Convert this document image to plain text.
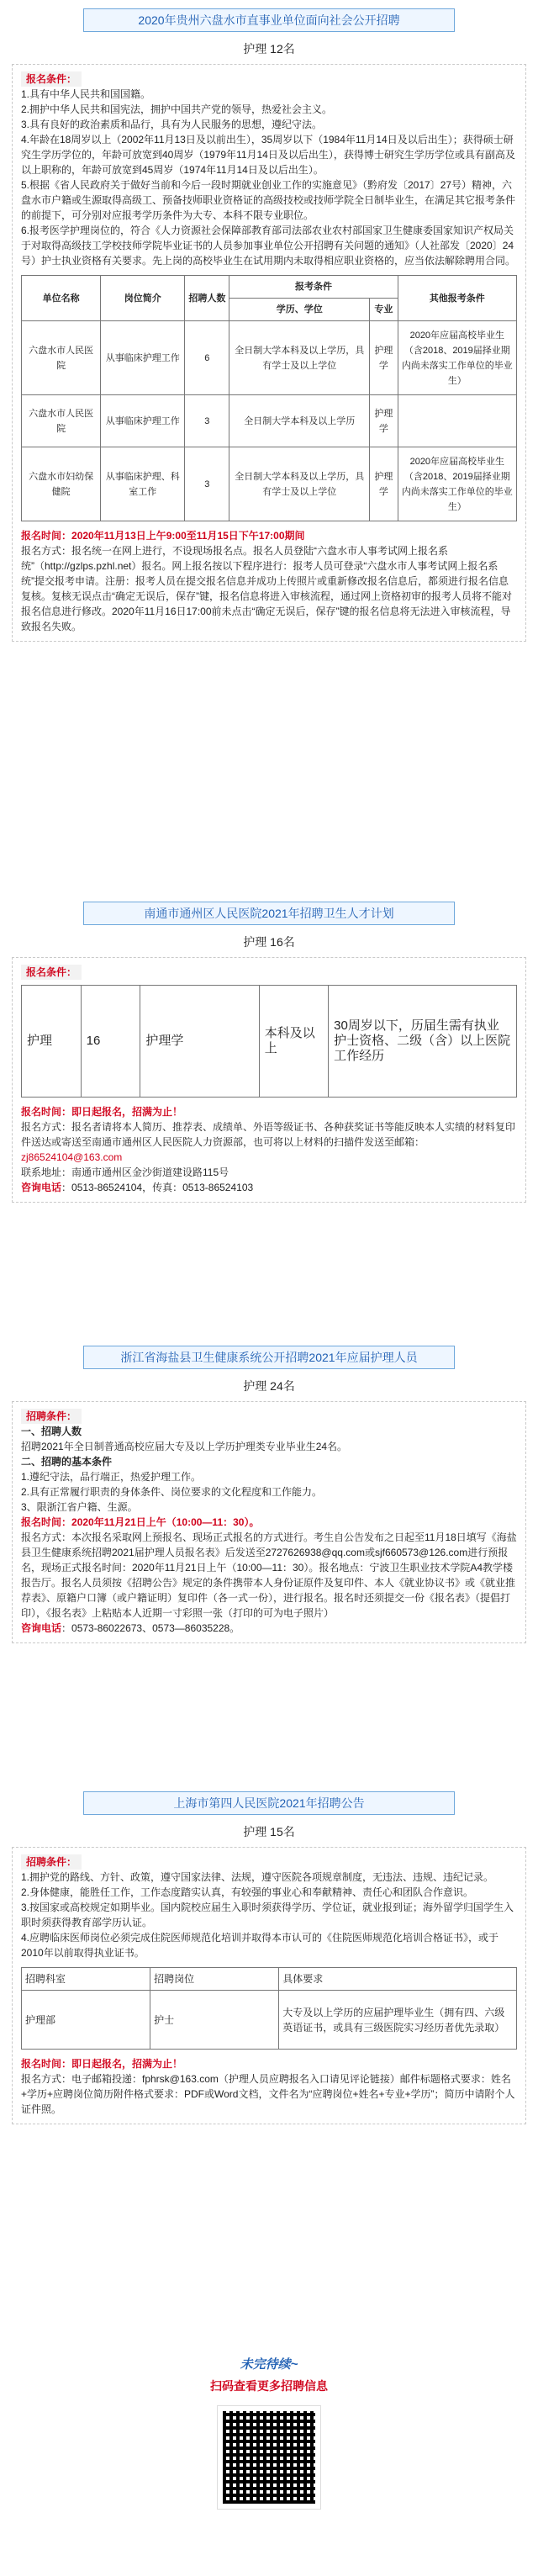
2020年贵州六盘水市直事业单位面向社会公开招聘
护理 12名

报名条件：

1.具有中华人民共和国国籍。

2.拥护中华人民共和国宪法，拥护中国共产党的领导，热爱社会主义。

3.具有良好的政治素质和品行，具有为人民服务的思想，遵纪守法。

4.年龄在18周岁以上（2002年11月13日及以前出生），35周岁以下（1984年11月14日及以后出生）；获得硕士研究生学历学位的，年龄可放宽到40周岁（1979年11月14日及以后出生），获得博士研究生学历学位或具有副高及以上职称的，年龄可放宽到45周岁（1974年11月14日及以后出生）。

5.根据《省人民政府关于做好当前和今后一段时期就业创业工作的实施意见》（黔府发〔2017〕27号）精神，六盘水市户籍或生源取得高级工、预备技师职业资格证的高级技校或技师学院全日制毕业生，在满足其它报考条件的前提下，可分别对应报考学历条件为大专、本科不限专业职位。

6.报考医学护理岗位的，符合《人力资源社会保障部教育部司法部农业农村部国家卫生健康委国家知识产权局关于对取得高级技工学校技师学院毕业证书的人员参加事业单位公开招聘有关问题的通知》（人社部发〔2020〕24号）护士执业资格有关要求。先上岗的高校毕业生在试用期内未取得相应职业资格的，应当依法解除聘用合同。

单位名称	岗位简介	招聘人数	报考条件		其他报考条件
			学历、学位	专业	
六盘水市人民医院	从事临床护理工作	6	全日制大学本科及以上学历，具有学士及以上学位	护理学	2020年应届高校毕业生（含2018、2019届择业期内尚未落实工作单位的毕业生）
六盘水市人民医院	从事临床护理工作	3	全日制大学本科及以上学历	护理学	
六盘水市妇幼保健院	从事临床护理、科室工作	3	全日制大学本科及以上学历，具有学士及以上学位	护理学	2020年应届高校毕业生（含2018、2019届择业期内尚未落实工作单位的毕业生）

报名时间：2020年11月13日上午9:00至11月15日下午17:00期间

报名方式：报名统一在网上进行，不设现场报名点。报名人员登陆“六盘水市人事考试网上报名系统”（http://gzlps.pzhl.net）报名。网上报名按以下程序进行：报考人员可登录“六盘水市人事考试网上报名系统”提交报考申请。注册：报考人员在提交报名信息并成功上传照片或重新修改报名信息后，都须进行报名信息复核。复核无误点击“确定无误后，保存”键，报名信息将进入审核流程，通过网上资格初审的报考人员将不能对报名信息进行修改。2020年11月16日17:00前未点击“确定无误后，保存”键的报名信息将无法进入审核流程，导致报名失败。

南通市通州区人民医院2021年招聘卫生人才计划
护理 16名

报名条件：

护理	16	护理学	本科及以上	30周岁以下，历届生需有执业护士资格、二级（含）以上医院工作经历

报名时间：即日起报名，招满为止！

报名方式：报名者请将本人简历、推荐表、成绩单、外语等级证书、各种获奖证书等能反映本人实绩的材料复印件送达或寄送至南通市通州区人民医院人力资源部，也可将以上材料的扫描件发送至邮箱：zj86524104@163.com

联系地址：南通市通州区金沙街道建设路115号

咨询电话：0513-86524104，传真：0513-86524103

浙江省海盐县卫生健康系统公开招聘2021年应届护理人员
护理 24名

招聘条件：

一、招聘人数

招聘2021年全日制普通高校应届大专及以上学历护理类专业毕业生24名。

二、招聘的基本条件

1.遵纪守法，品行端正，热爱护理工作。

2.具有正常履行职责的身体条件、岗位要求的文化程度和工作能力。

3、限浙江省户籍、生源。

报名时间：2020年11月21日上午（10:00—11：30）。

报名方式：本次报名采取网上预报名、现场正式报名的方式进行。考生自公告发布之日起至11月18日填写《海盐县卫生健康系统招聘2021届护理人员报名表》后发送至2727626938@qq.com或sjf660573@126.com进行预报名，现场正式报名时间：2020年11月21日上午（10:00—11：30）。报名地点：宁波卫生职业技术学院A4教学楼报告厅。报名人员须按《招聘公告》规定的条件携带本人身份证原件及复印件、本人《就业协议书》或《就业推荐表》、原籍户口簿（或户籍证明）复印件（各一式一份），进行报名。报名时还须提交一份《报名表》（提倡打印），《报名表》上粘贴本人近期一寸彩照一张（打印的可为电子照片）

咨询电话：0573-86022673、0573—86035228。

上海市第四人民医院2021年招聘公告
护理 15名

招聘条件：

1.拥护党的路线、方针、政策，遵守国家法律、法规，遵守医院各项规章制度，无违法、违规、违纪记录。

2.身体健康，能胜任工作，工作态度踏实认真，有较强的事业心和奉献精神、责任心和团队合作意识。

3.按国家或高校规定如期毕业。国内院校应届生入职时须获得学历、学位证，就业报到证；海外留学归国学生入职时须获得教育部学历认证。

4.应聘临床医师岗位必须完成住院医师规范化培训并取得本市认可的《住院医师规范化培训合格证书》，或于2010年以前取得执业证书。

招聘科室	招聘岗位	具体要求
护理部	护士	大专及以上学历的应届护理毕业生（拥有四、六级英语证书，或具有三级医院实习经历者优先录取）

报名时间：即日起报名，招满为止！

报名方式：电子邮箱投递：fphrsk@163.com（护理人员应聘报名入口请见评论链接）邮件标题格式要求：姓名+学历+应聘岗位简历附件格式要求：PDF或Word文档，文件名为“应聘岗位+姓名+专业+学历”；简历中请附个人证件照。

未完待续~
扫码查看更多招聘信息
